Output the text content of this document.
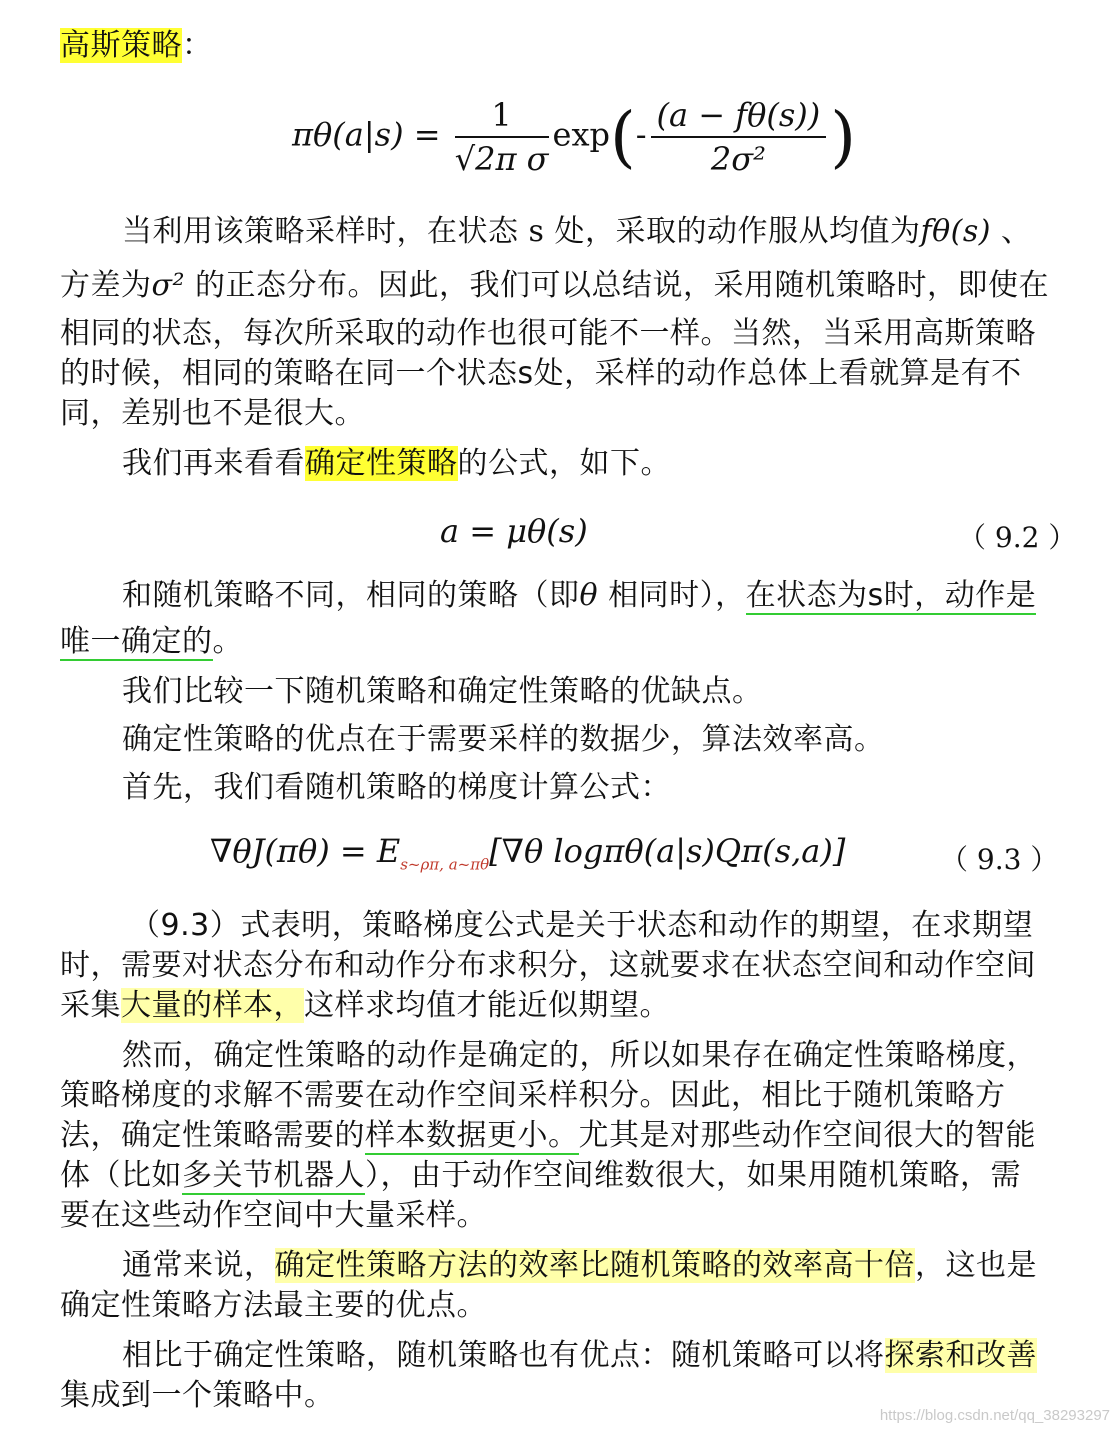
高斯策略：
$\pi\theta(a|s) = \frac{1}{\text{√2π σ}} \exp(- \frac{(a - f\theta(s))}{\text{2σ²}}$ )
当利用该策略采样时，在状态 s 处，采取的动作服从均值为fθ(s) 、
方差为σ² 的正态分布。因此，我们可以总结说，采用随机策略时，即使在
相同的状态，每次所采取的动作也很可能不一样。当然，当采用高斯策略
的时候，相同的策略在同一个状态s处，采样的动作总体上看就算是有不
同，差别也不是很大。
我们再来看看确定性策略的公式，如下。
a = μθ(s)	（ 9.2 ）
和随机策略不同，相同的策略（即θ 相同时），在状态为s时，动作是
唯一确定的。
我们比较一下随机策略和确定性策略的优缺点。
确定性策略的优点在于需要采样的数据少，算法效率高。
首先，我们看随机策略的梯度计算公式：
$\nabla\theta J(\pi\theta) = E_{s\sim\rho\pi, a\sim\pi\theta}[\nabla\theta$ logπθ(a|s)Qπ(s,a)]	（ 9.3 ）
（9.3）式表明，策略梯度公式是关于状态和动作的期望，在求期望
时，需要对状态分布和动作分布求积分，这就要求在状态空间和动作空间
采集大量的样本，这样求均值才能近似期望。
然而，确定性策略的动作是确定的，所以如果存在确定性策略梯度，
策略梯度的求解不需要在动作空间采样积分。因此，相比于随机策略方
法，确定性策略需要的样本数据更小。尤其是对那些动作空间很大的智能
体（比如多关节机器人），由于动作空间维数很大，如果用随机策略，需
要在这些动作空间中大量采样。
通常来说，确定性策略方法的效率比随机策略的效率高十倍，这也是
确定性策略方法最主要的优点。
相比于确定性策略，随机策略也有优点：随机策略可以将探索和改善
集成到一个策略中。
https://blog.csdn.net/qq_38293297
